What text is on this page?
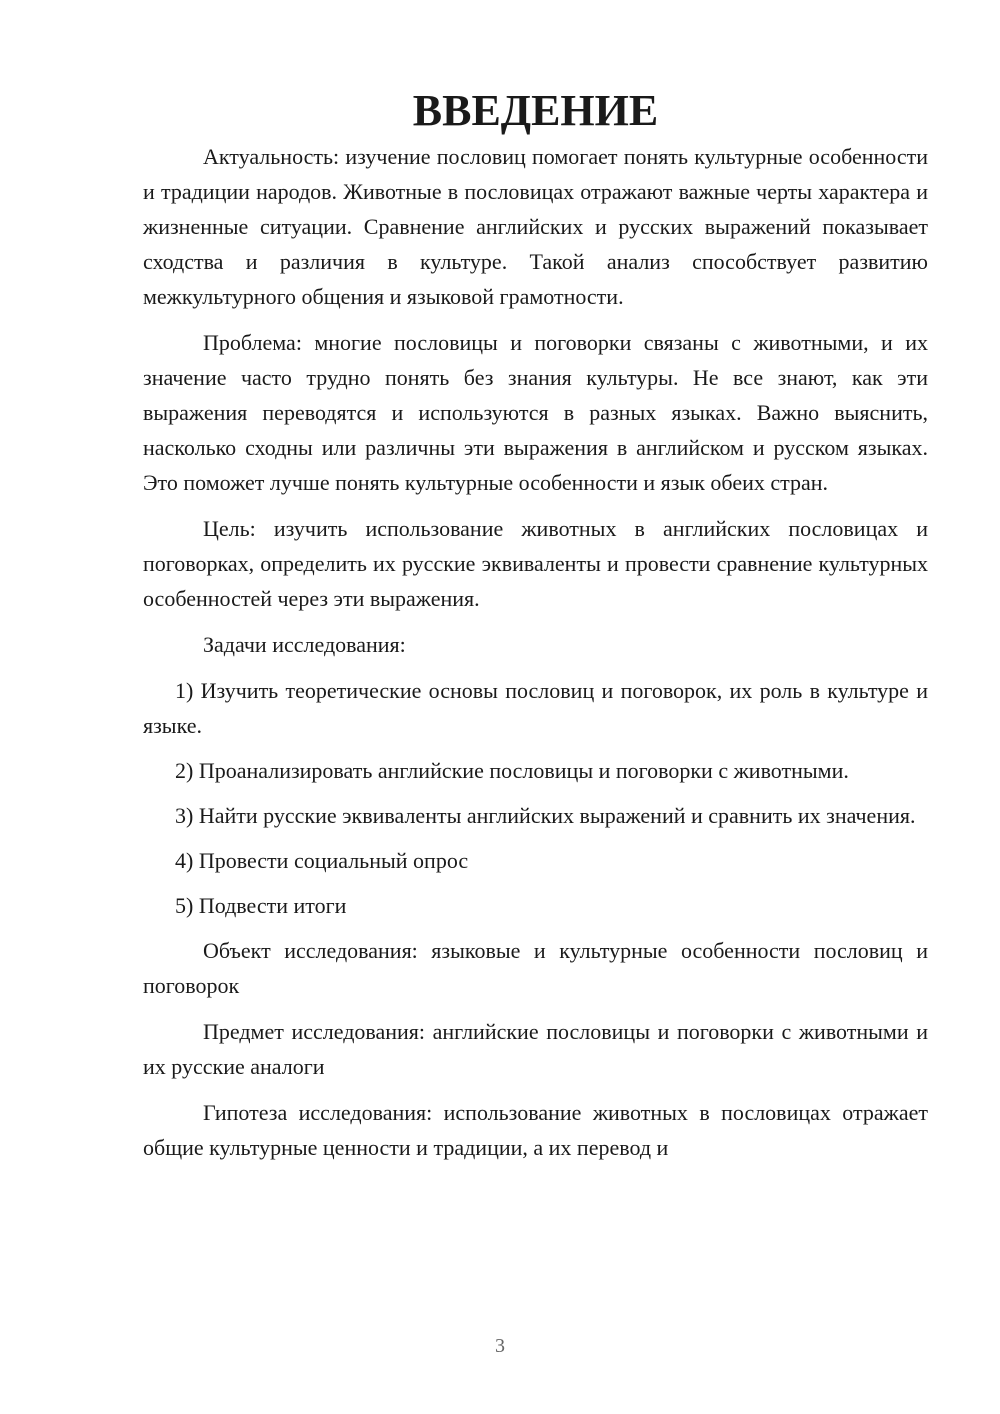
ВВЕДЕНИЕ

Актуальность: изучение пословиц помогает понять культурные особенности и традиции народов. Животные в пословицах отражают важные черты характера и жизненные ситуации. Сравнение английских и русских выражений показывает сходства и различия в культуре. Такой анализ способствует развитию межкультурного общения и языковой грамотности.

Проблема: многие пословицы и поговорки связаны с животными, и их значение часто трудно понять без знания культуры. Не все знают, как эти выражения переводятся и используются в разных языках. Важно выяснить, насколько сходны или различны эти выражения в английском и русском языках. Это поможет лучше понять культурные особенности и язык обеих стран.

Цель: изучить использование животных в английских пословицах и поговорках, определить их русские эквиваленты и провести сравнение культурных особенностей через эти выражения.

Задачи исследования:

1) Изучить теоретические основы пословиц и поговорок, их роль в культуре и языке.

2) Проанализировать английские пословицы и поговорки с животными.

3) Найти русские эквиваленты английских выражений и сравнить их значения.

4) Провести социальный опрос

5) Подвести итоги

Объект исследования: языковые и культурные особенности пословиц и поговорок

Предмет исследования: английские пословицы и поговорки с животными и их русские аналоги

Гипотеза исследования: использование животных в пословицах отражает общие культурные ценности и традиции, а их перевод и

3
